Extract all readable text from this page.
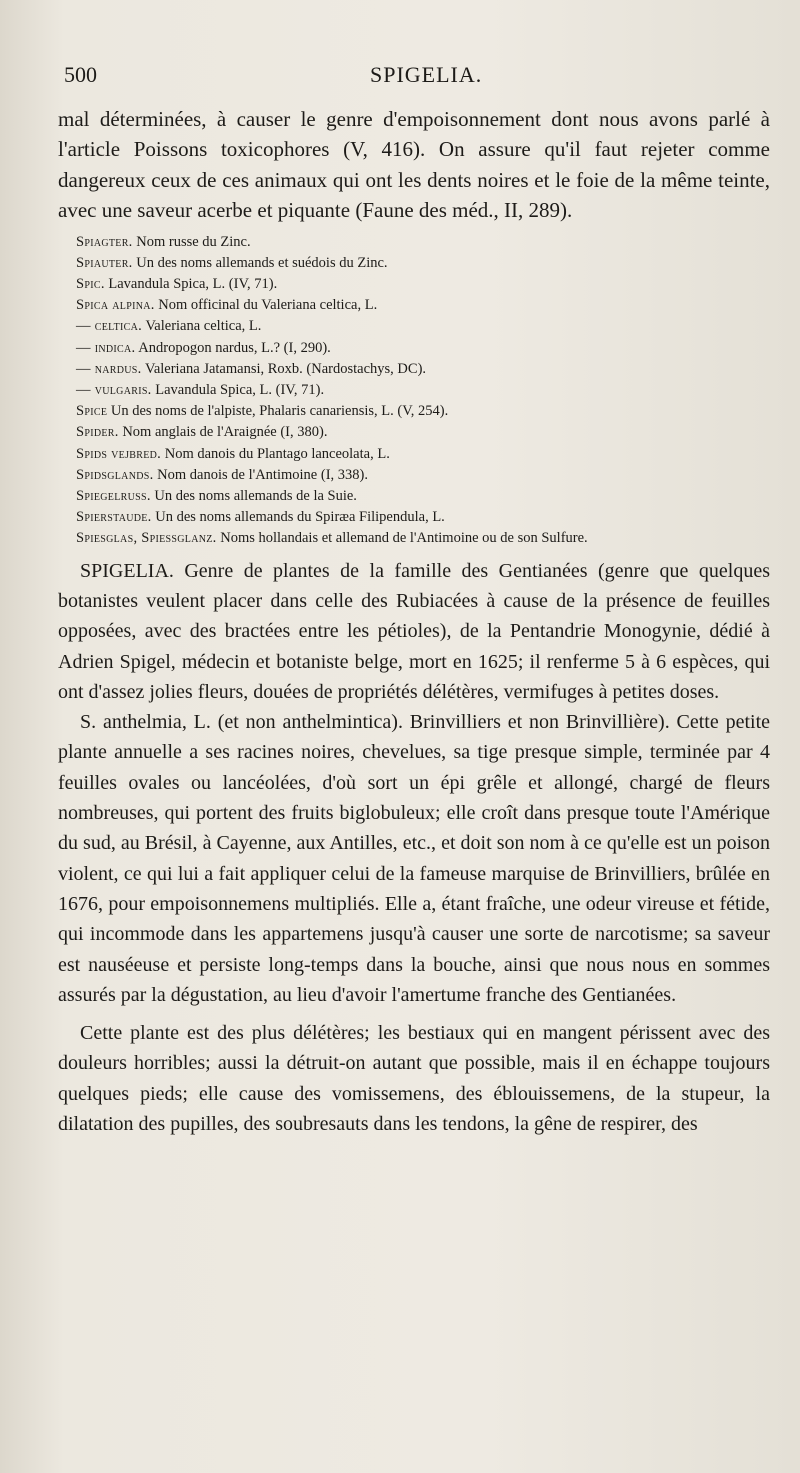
500	SPIGELIA.

mal déterminées, à causer le genre d'empoisonnement dont nous avons parlé à l'article Poissons toxicophores (V, 416). On assure qu'il faut rejeter comme dangereux ceux de ces animaux qui ont les dents noires et le foie de la même teinte, avec une saveur acerbe et piquante (Faune des méd., II, 289).

Spiagter. Nom russe du Zinc.

Spiauter. Un des noms allemands et suédois du Zinc.

Spic. Lavandula Spica, L. (IV, 71).

Spica alpina. Nom officinal du Valeriana celtica, L.

— celtica. Valeriana celtica, L.

— indica. Andropogon nardus, L.? (I, 290).

— nardus. Valeriana Jatamansi, Roxb. (Nardostachys, DC).

— vulgaris. Lavandula Spica, L. (IV, 71).

Spice Un des noms de l'alpiste, Phalaris canariensis, L. (V, 254).

Spider. Nom anglais de l'Araignée (I, 380).

Spids vejbred. Nom danois du Plantago lanceolata, L.

Spidsglands. Nom danois de l'Antimoine (I, 338).

Spiegelruss. Un des noms allemands de la Suie.

Spierstaude. Un des noms allemands du Spiræa Filipendula, L.

Spiesglas, Spiessglanz. Noms hollandais et allemand de l'Antimoine ou de son Sulfure.

SPIGELIA. Genre de plantes de la famille des Gentianées (genre que quelques botanistes veulent placer dans celle des Rubiacées à cause de la présence de feuilles opposées, avec des bractées entre les pétioles), de la Pentandrie Monogynie, dédié à Adrien Spigel, médecin et botaniste belge, mort en 1625; il renferme 5 à 6 espèces, qui ont d'assez jolies fleurs, douées de propriétés délétères, vermifuges à petites doses.

S. anthelmia, L. (et non anthelmintica). Brinvilliers et non Brinvillière). Cette petite plante annuelle a ses racines noires, chevelues, sa tige presque simple, terminée par 4 feuilles ovales ou lancéolées, d'où sort un épi grêle et allongé, chargé de fleurs nombreuses, qui portent des fruits biglobuleux; elle croît dans presque toute l'Amérique du sud, au Brésil, à Cayenne, aux Antilles, etc., et doit son nom à ce qu'elle est un poison violent, ce qui lui a fait appliquer celui de la fameuse marquise de Brinvilliers, brûlée en 1676, pour empoisonnemens multipliés. Elle a, étant fraîche, une odeur vireuse et fétide, qui incommode dans les appartemens jusqu'à causer une sorte de narcotisme; sa saveur est nauséeuse et persiste long-temps dans la bouche, ainsi que nous nous en sommes assurés par la dégustation, au lieu d'avoir l'amertume franche des Gentianées.

Cette plante est des plus délétères; les bestiaux qui en mangent périssent avec des douleurs horribles; aussi la détruit-on autant que possible, mais il en échappe toujours quelques pieds; elle cause des vomissemens, des éblouissemens, de la stupeur, la dilatation des pupilles, des soubresauts dans les tendons, la gêne de respirer, des
